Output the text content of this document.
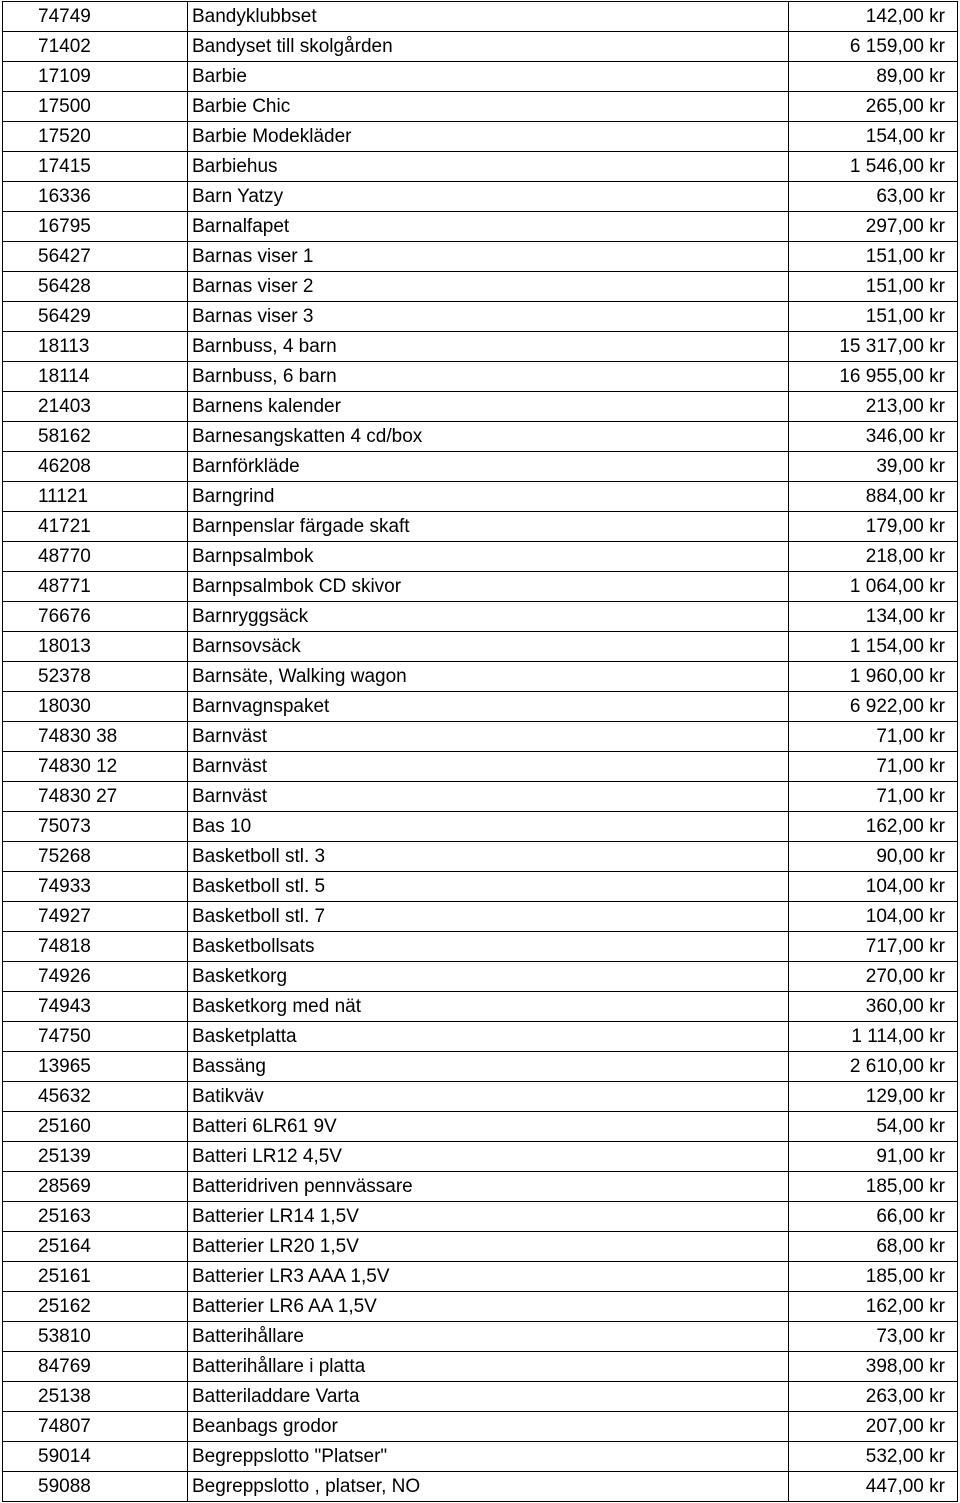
74749	Bandyklubbset	142,00 kr
71402	Bandyset till skolgården	6 159,00 kr
17109	Barbie	89,00 kr
17500	Barbie Chic	265,00 kr
17520	Barbie Modekläder	154,00 kr
17415	Barbiehus	1 546,00 kr
16336	Barn Yatzy	63,00 kr
16795	Barnalfapet	297,00 kr
56427	Barnas viser 1	151,00 kr
56428	Barnas viser 2	151,00 kr
56429	Barnas viser 3	151,00 kr
18113	Barnbuss, 4 barn	15 317,00 kr
18114	Barnbuss, 6 barn	16 955,00 kr
21403	Barnens kalender	213,00 kr
58162	Barnesangskatten 4 cd/box	346,00 kr
46208	Barnförkläde	39,00 kr
11121	Barngrind	884,00 kr
41721	Barnpenslar färgade skaft	179,00 kr
48770	Barnpsalmbok	218,00 kr
48771	Barnpsalmbok CD skivor	1 064,00 kr
76676	Barnryggsäck	134,00 kr
18013	Barnsovsäck	1 154,00 kr
52378	Barnsäte, Walking wagon	1 960,00 kr
18030	Barnvagnspaket	6 922,00 kr
74830 38	Barnväst	71,00 kr
74830 12	Barnväst	71,00 kr
74830 27	Barnväst	71,00 kr
75073	Bas 10	162,00 kr
75268	Basketboll stl. 3	90,00 kr
74933	Basketboll stl. 5	104,00 kr
74927	Basketboll stl. 7	104,00 kr
74818	Basketbollsats	717,00 kr
74926	Basketkorg	270,00 kr
74943	Basketkorg med nät	360,00 kr
74750	Basketplatta	1 114,00 kr
13965	Bassäng	2 610,00 kr
45632	Batikväv	129,00 kr
25160	Batteri 6LR61 9V	54,00 kr
25139	Batteri LR12 4,5V	91,00 kr
28569	Batteridriven pennvässare	185,00 kr
25163	Batterier LR14 1,5V	66,00 kr
25164	Batterier LR20 1,5V	68,00 kr
25161	Batterier LR3 AAA 1,5V	185,00 kr
25162	Batterier LR6 AA 1,5V	162,00 kr
53810	Batterihållare	73,00 kr
84769	Batterihållare i platta	398,00 kr
25138	Batteriladdare Varta	263,00 kr
74807	Beanbags grodor	207,00 kr
59014	Begreppslotto "Platser"	532,00 kr
59088	Begreppslotto , platser, NO	447,00 kr
